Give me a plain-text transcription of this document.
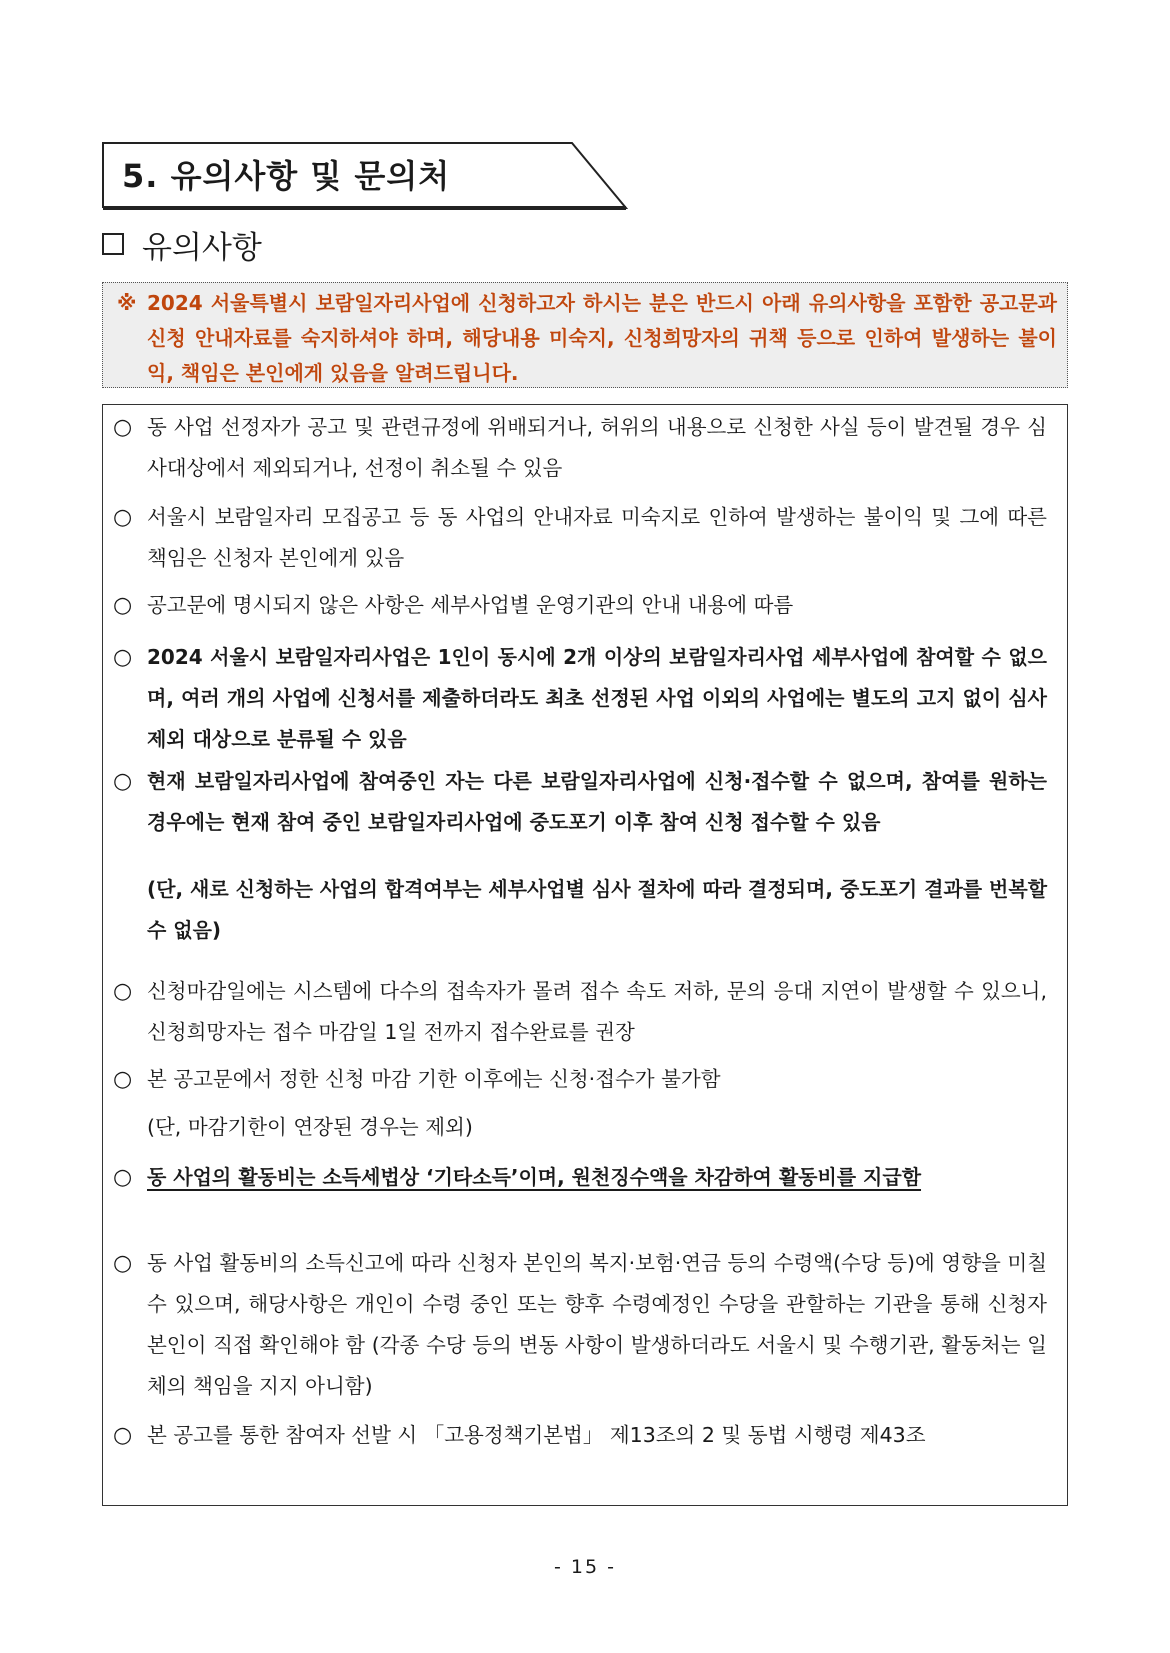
5. 유의사항 및 문의처
유의사항
※ 2024 서울특별시 보람일자리사업에 신청하고자 하시는 분은 반드시 아래 유의사항을 포함한 공고문과 신청 안내자료를 숙지하셔야 하며, 해당내용 미숙지, 신청희망자의 귀책 등으로 인하여 발생하는 불이익, 책임은 본인에게 있음을 알려드립니다.
○ 동 사업 선정자가 공고 및 관련규정에 위배되거나, 허위의 내용으로 신청한 사실 등이 발견될 경우 심사대상에서 제외되거나, 선정이 취소될 수 있음
○ 서울시 보람일자리 모집공고 등 동 사업의 안내자료 미숙지로 인하여 발생하는 불이익 및 그에 따른 책임은 신청자 본인에게 있음
○ 공고문에 명시되지 않은 사항은 세부사업별 운영기관의 안내 내용에 따름
○ 2024 서울시 보람일자리사업은 1인이 동시에 2개 이상의 보람일자리사업 세부사업에 참여할 수 없으며, 여러 개의 사업에 신청서를 제출하더라도 최초 선정된 사업 이외의 사업에는 별도의 고지 없이 심사 제외 대상으로 분류될 수 있음
○ 현재 보람일자리사업에 참여중인 자는 다른 보람일자리사업에 신청·접수할 수 없으며, 참여를 원하는 경우에는 현재 참여 중인 보람일자리사업에 중도포기 이후 참여 신청 접수할 수 있음
(단, 새로 신청하는 사업의 합격여부는 세부사업별 심사 절차에 따라 결정되며, 중도포기 결과를 번복할 수 없음)
○ 신청마감일에는 시스템에 다수의 접속자가 몰려 접수 속도 저하, 문의 응대 지연이 발생할 수 있으니, 신청희망자는 접수 마감일 1일 전까지 접수완료를 권장
○ 본 공고문에서 정한 신청 마감 기한 이후에는 신청·접수가 불가함
(단, 마감기한이 연장된 경우는 제외)
○ 동 사업의 활동비는 소득세법상 ‘기타소득’이며, 원천징수액을 차감하여 활동비를 지급함
○ 동 사업 활동비의 소득신고에 따라 신청자 본인의 복지·보험·연금 등의 수령액(수당 등)에 영향을 미칠 수 있으며, 해당사항은 개인이 수령 중인 또는 향후 수령예정인 수당을 관할하는 기관을 통해 신청자 본인이 직접 확인해야 함 (각종 수당 등의 변동 사항이 발생하더라도 서울시 및 수행기관, 활동처는 일체의 책임을 지지 아니함)
○ 본 공고를 통한 참여자 선발 시 「고용정책기본법」 제13조의 2 및 동법 시행령 제43조
- 15 -
